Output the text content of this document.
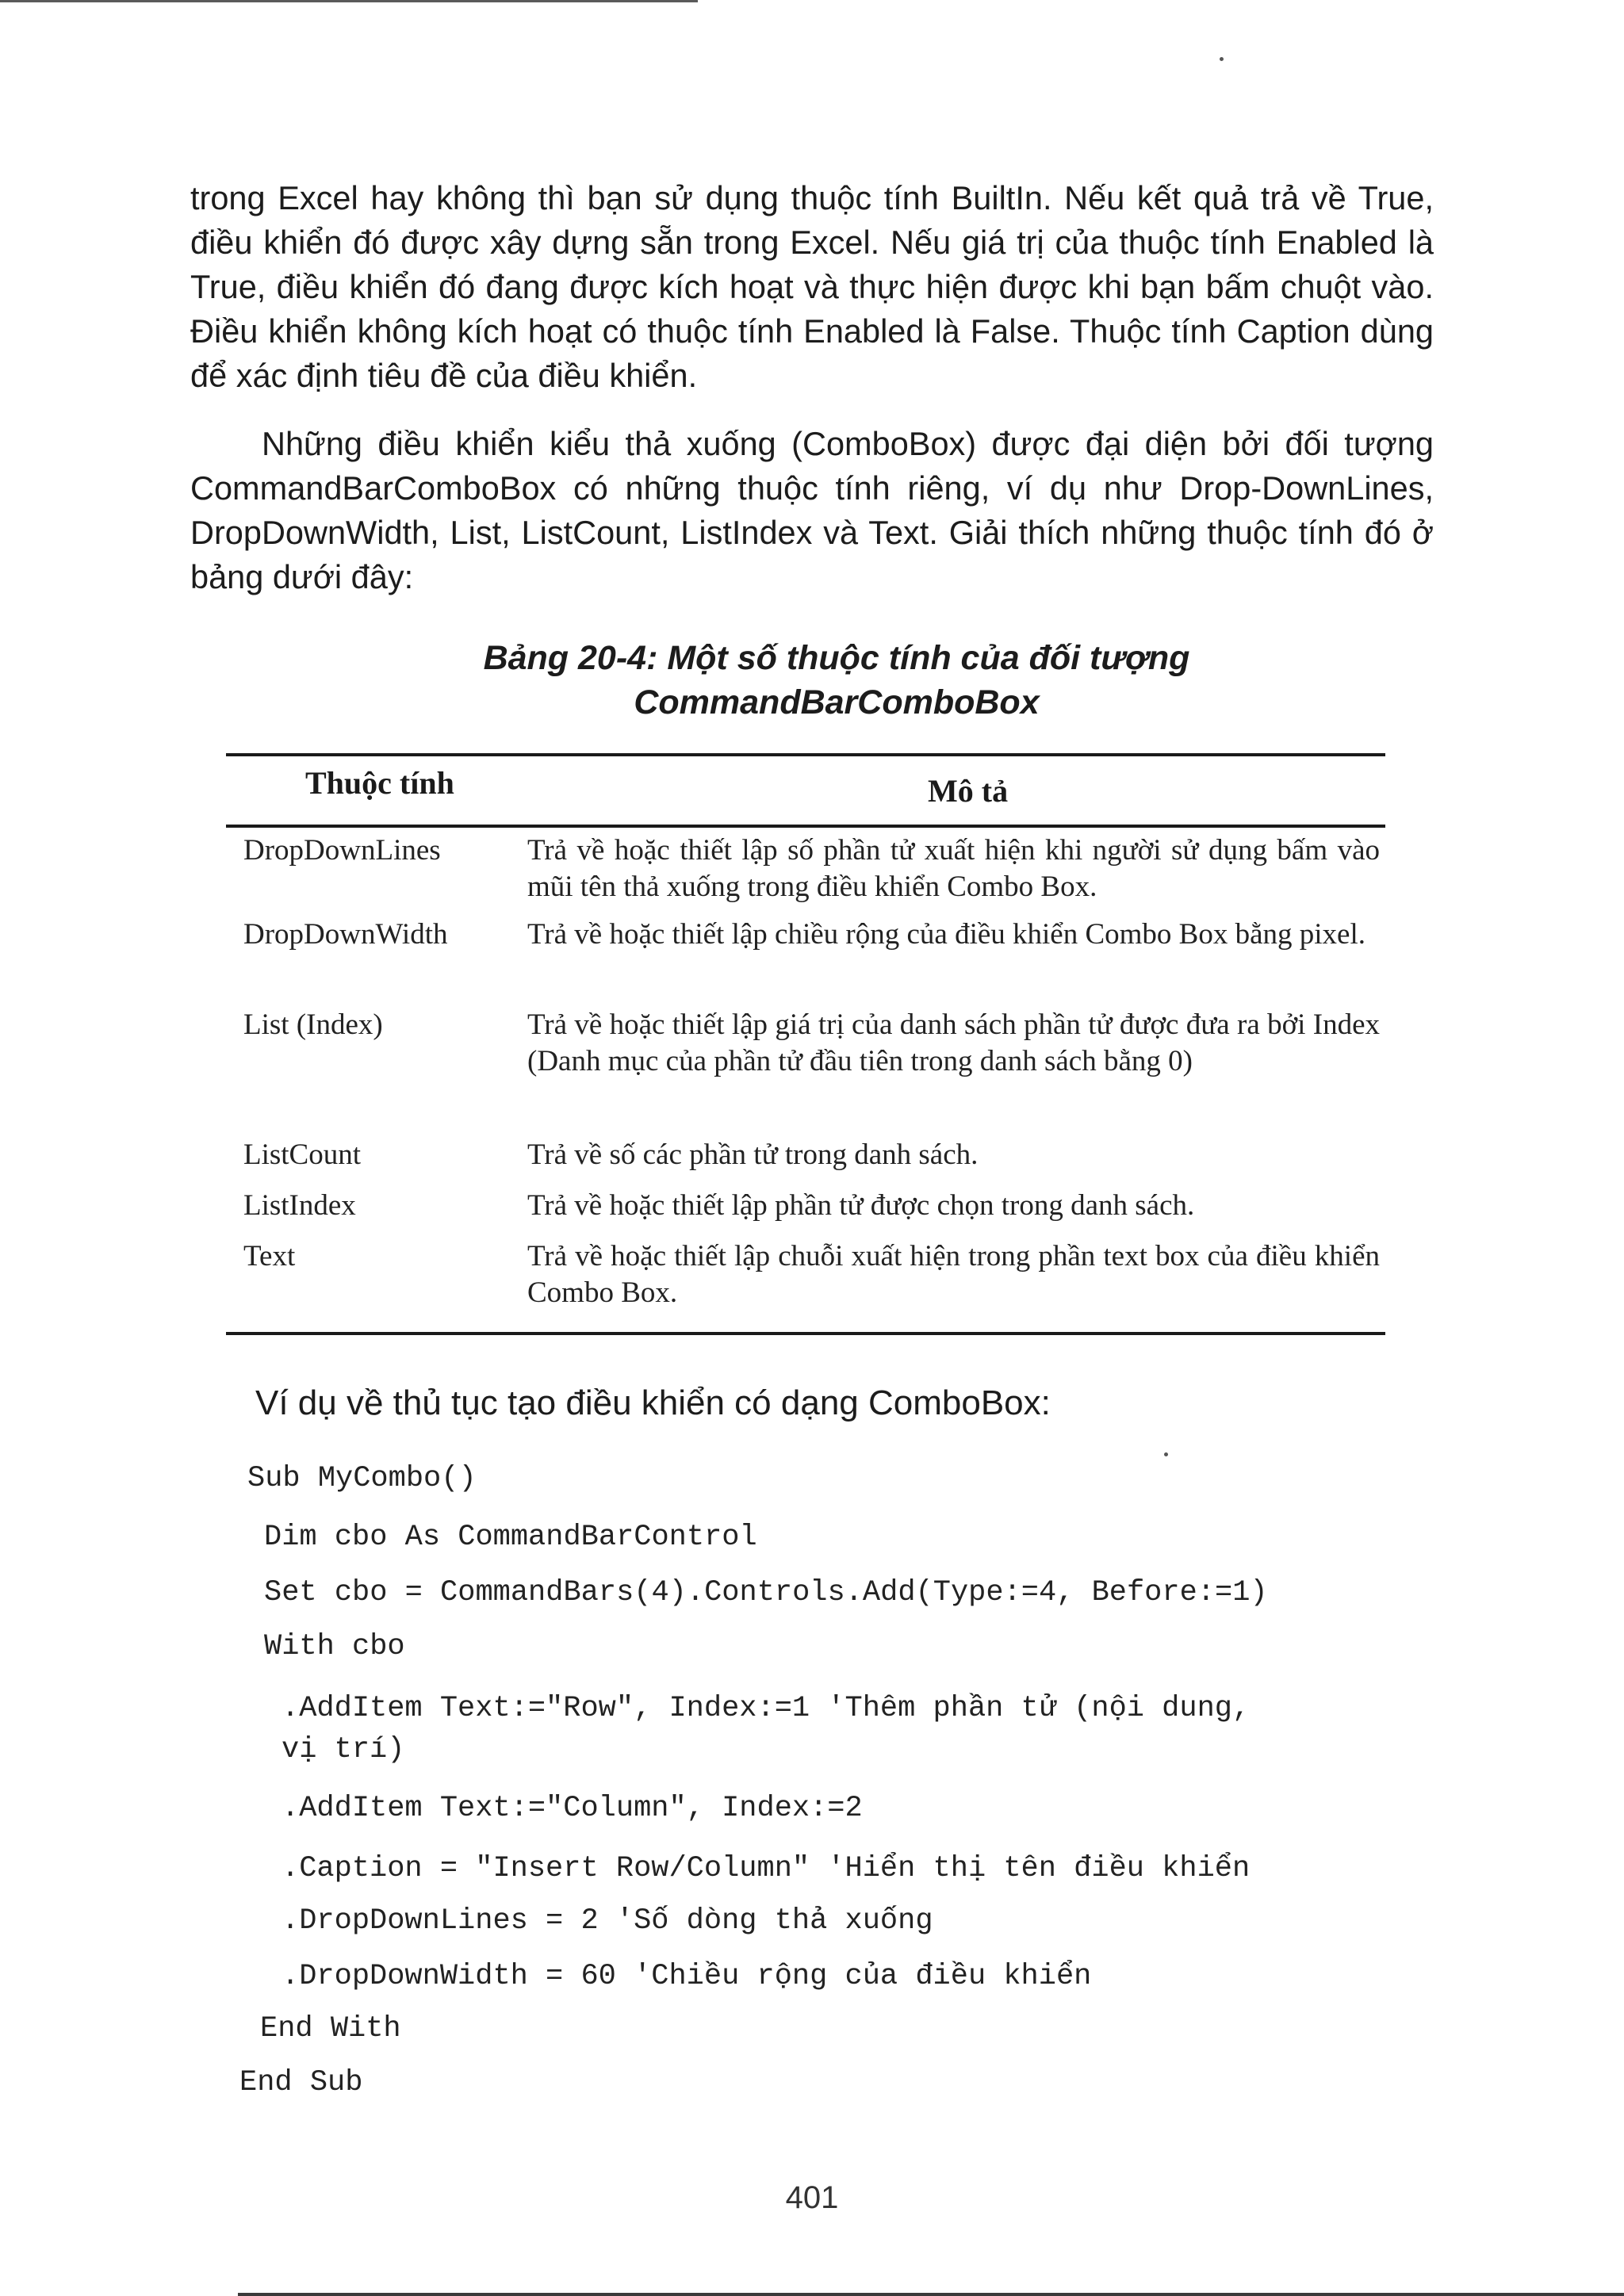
trong Excel hay không thì bạn sử dụng thuộc tính BuiltIn. Nếu kết quả trả về True, điều khiển đó được xây dựng sẵn trong Excel. Nếu giá trị của thuộc tính Enabled là True, điều khiển đó đang được kích hoạt và thực hiện được khi bạn bấm chuột vào. Điều khiển không kích hoạt có thuộc tính Enabled là False. Thuộc tính Caption dùng để xác định tiêu đề của điều khiển.

Những điều khiển kiểu thả xuống (ComboBox) được đại diện bởi đối tượng CommandBarComboBox có những thuộc tính riêng, ví dụ như Drop-DownLines, DropDownWidth, List, ListCount, ListIndex và Text. Giải thích những thuộc tính đó ở bảng dưới đây:

Bảng 20-4: Một số thuộc tính của đối tượng
CommandBarComboBox
Thuộc tính	Mô tả
DropDownLines	Trả về hoặc thiết lập số phần tử xuất hiện khi người sử dụng bấm vào mũi tên thả xuống trong điều khiển Combo Box.
DropDownWidth	Trả về hoặc thiết lập chiều rộng của điều khiển Combo Box bằng pixel.
List (Index)	Trả về hoặc thiết lập giá trị của danh sách phần tử được đưa ra bởi Index (Danh mục của phần tử đầu tiên trong danh sách bằng 0)
ListCount	Trả về số các phần tử trong danh sách.
ListIndex	Trả về hoặc thiết lập phần tử được chọn trong danh sách.
Text	Trả về hoặc thiết lập chuỗi xuất hiện trong phần text box của điều khiển Combo Box.
Ví dụ về thủ tục tạo điều khiển có dạng ComboBox:
Sub MyCombo()
Dim cbo As CommandBarControl
Set cbo = CommandBars(4).Controls.Add(Type:=4, Before:=1)
With cbo
.AddItem Text:="Row", Index:=1 'Thêm phần tử (nội dung,
vị trí)
.AddItem Text:="Column", Index:=2
.Caption = "Insert Row/Column" 'Hiển thị tên điều khiển
.DropDownLines = 2 'Số dòng thả xuống
.DropDownWidth = 60 'Chiều rộng của điều khiển
End With
End Sub
401
